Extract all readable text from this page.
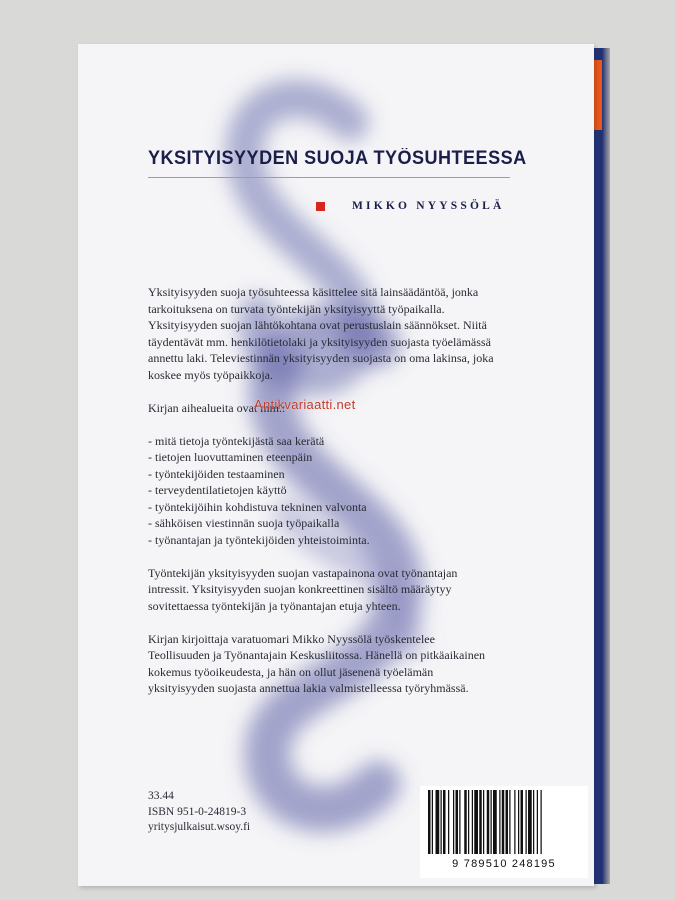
YKSITYISYYDEN SUOJA TYÖSUHTEESSA
MIKKO NYYSSÖLÄ

Yksityisyyden suoja työsuhteessa käsittelee sitä lainsäädäntöä, jonka tarkoituksena on turvata työntekijän yksityisyyttä työpaikalla. Yksityisyyden suojan lähtökohtana ovat perustuslain säännökset. Niitä täydentävät mm. henkilötietolaki ja yksityisyyden suojasta työelämässä annettu laki. Televiestinnän yksityisyyden suojasta on oma lakinsa, joka koskee myös työpaikkoja.

Kirjan aihealueita ovat mm.:

- mitä tietoja työntekijästä saa kerätä
- tietojen luovuttaminen eteenpäin
- työntekijöiden testaaminen
- terveydentilatietojen käyttö
- työntekijöihin kohdistuva tekninen valvonta
- sähköisen viestinnän suoja työpaikalla
- työnantajan ja työntekijöiden yhteistoiminta.

Työntekijän yksityisyyden suojan vastapainona ovat työnantajan intressit. Yksityisyyden suojan konkreettinen sisältö määräytyy sovitettaessa työntekijän ja työnantajan etuja yhteen.

Kirjan kirjoittaja varatuomari Mikko Nyyssölä työskentelee Teollisuuden ja Työnantajain Keskusliitossa. Hänellä on pitkäaikainen kokemus työoikeudesta, ja hän on ollut jäsenenä työelämän yksityisyyden suojasta annettua lakia valmistelleessa työryhmässä.

Antikvariaatti.net
33.44
ISBN 951-0-24819-3
yritysjulkaisut.wsoy.fi
9 789510 248195
